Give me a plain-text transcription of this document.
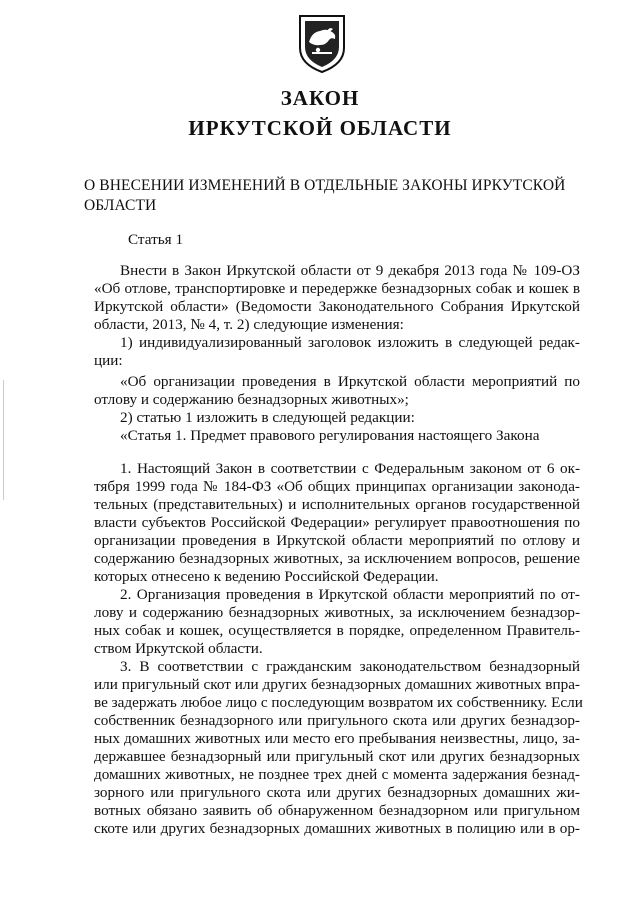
ЗАКОН
ИРКУТСКОЙ ОБЛАСТИ
О ВНЕСЕНИИ ИЗМЕНЕНИЙ В ОТДЕЛЬНЫЕ ЗАКОНЫ ИРКУТСКОЙ
ОБЛАСТИ
Статья 1
Внести в Закон Иркутской области от 9 декабря 2013 года № 109-ОЗ
«Об отлове, транспортировке и передержке безнадзорных собак и кошек в
Иркутской области» (Ведомости Законодательного Собрания Иркутской
области, 2013, № 4, т. 2) следующие изменения:
1) индивидуализированный заголовок изложить в следующей редак-
ции:
«Об организации проведения в Иркутской области мероприятий по
отлову и содержанию безнадзорных животных»;
2) статью 1 изложить в следующей редакции:
«Статья 1. Предмет правового регулирования настоящего Закона
1. Настоящий Закон в соответствии с Федеральным законом от 6 ок-
тября 1999 года № 184-ФЗ «Об общих принципах организации законода-
тельных (представительных) и исполнительных органов государственной
власти субъектов Российской Федерации» регулирует правоотношения по
организации проведения в Иркутской области мероприятий по отлову и
содержанию безнадзорных животных, за исключением вопросов, решение
которых отнесено к ведению Российской Федерации.
2. Организация проведения в Иркутской области мероприятий по от-
лову и содержанию безнадзорных животных, за исключением безнадзор-
ных собак и кошек, осуществляется в порядке, определенном Правитель-
ством Иркутской области.
3. В соответствии с гражданским законодательством безнадзорный
или пригульный скот или других безнадзорных домашних животных впра-
ве задержать любое лицо с последующим возвратом их собственнику. Если
собственник безнадзорного или пригульного скота или других безнадзор-
ных домашних животных или место его пребывания неизвестны, лицо, за-
державшее безнадзорный или пригульный скот или других безнадзорных
домашних животных, не позднее трех дней с момента задержания безнад-
зорного или пригульного скота или других безнадзорных домашних жи-
вотных обязано заявить об обнаруженном безнадзорном или пригульном
скоте или других безнадзорных домашних животных в полицию или в ор-
